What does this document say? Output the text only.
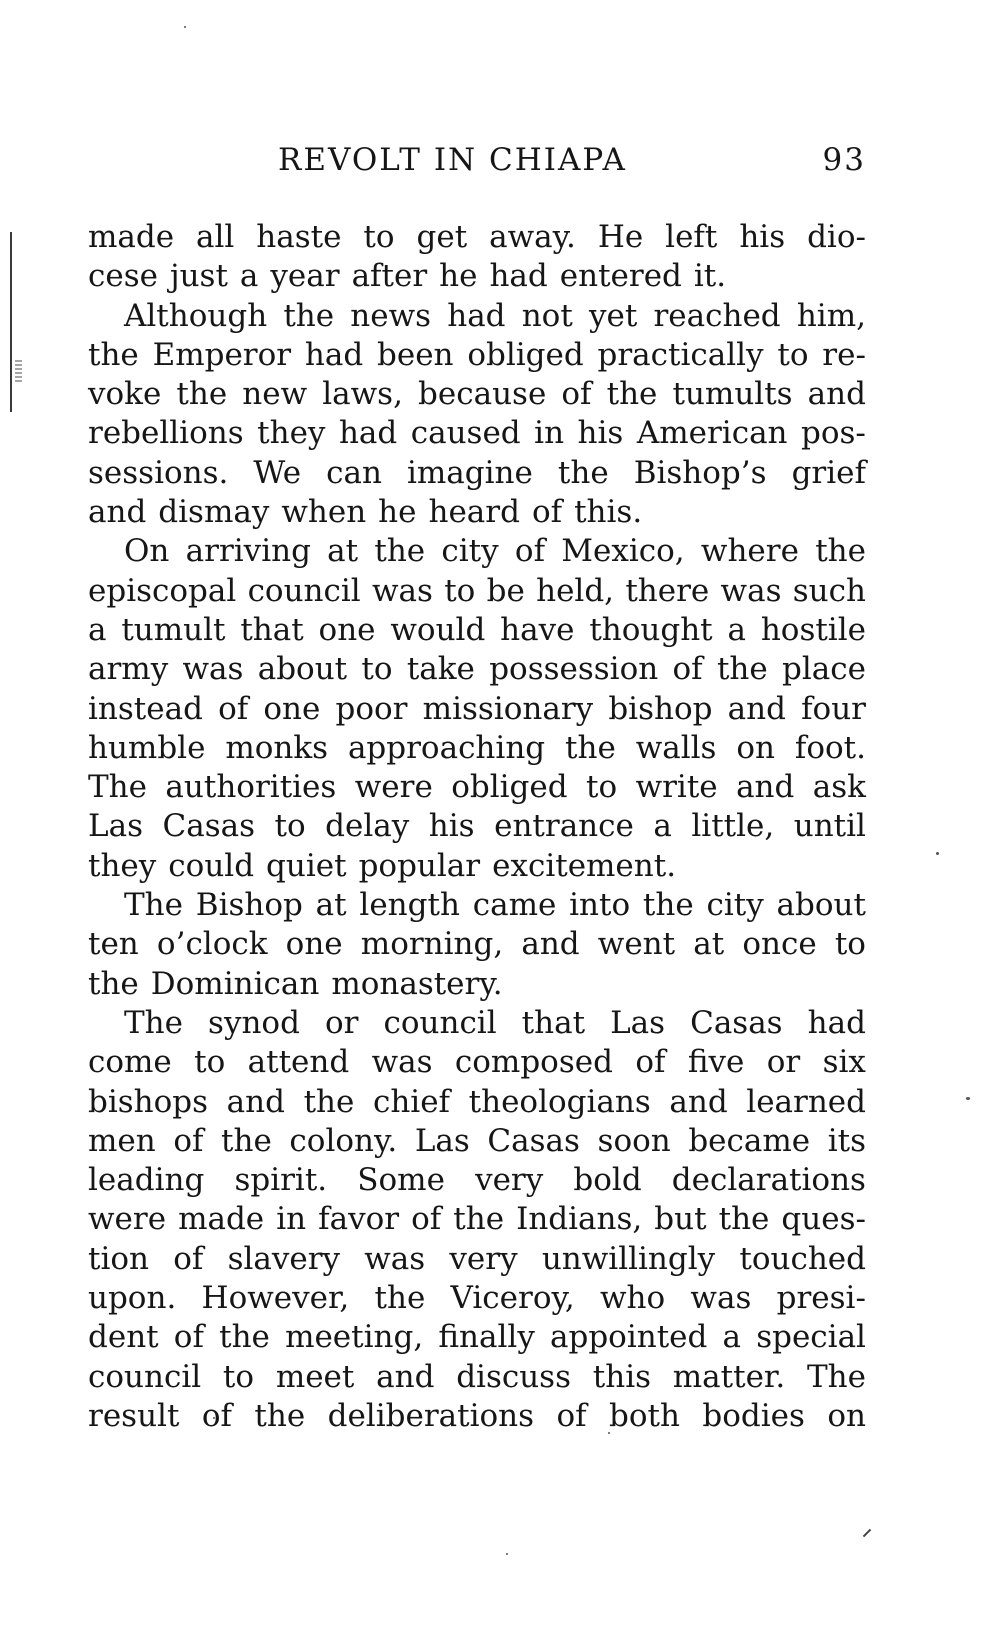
REVOLT IN CHIAPA	93
made all haste to get away. He left his dio-
cese just a year after he had entered it.
Although the news had not yet reached him,
the Emperor had been obliged practically to re-
voke the new laws, because of the tumults and
rebellions they had caused in his American pos-
sessions. We can imagine the Bishop’s grief
and dismay when he heard of this.
On arriving at the city of Mexico, where the
episcopal council was to be held, there was such
a tumult that one would have thought a hostile
army was about to take possession of the place
instead of one poor missionary bishop and four
humble monks approaching the walls on foot.
The authorities were obliged to write and ask
Las Casas to delay his entrance a little, until
they could quiet popular excitement.
The Bishop at length came into the city about
ten o’clock one morning, and went at once to
the Dominican monastery.
The synod or council that Las Casas had
come to attend was composed of five or six
bishops and the chief theologians and learned
men of the colony. Las Casas soon became its
leading spirit. Some very bold declarations
were made in favor of the Indians, but the ques-
tion of slavery was very unwillingly touched
upon. However, the Viceroy, who was presi-
dent of the meeting, finally appointed a special
council to meet and discuss this matter. The
result of the deliberations of both bodies on
